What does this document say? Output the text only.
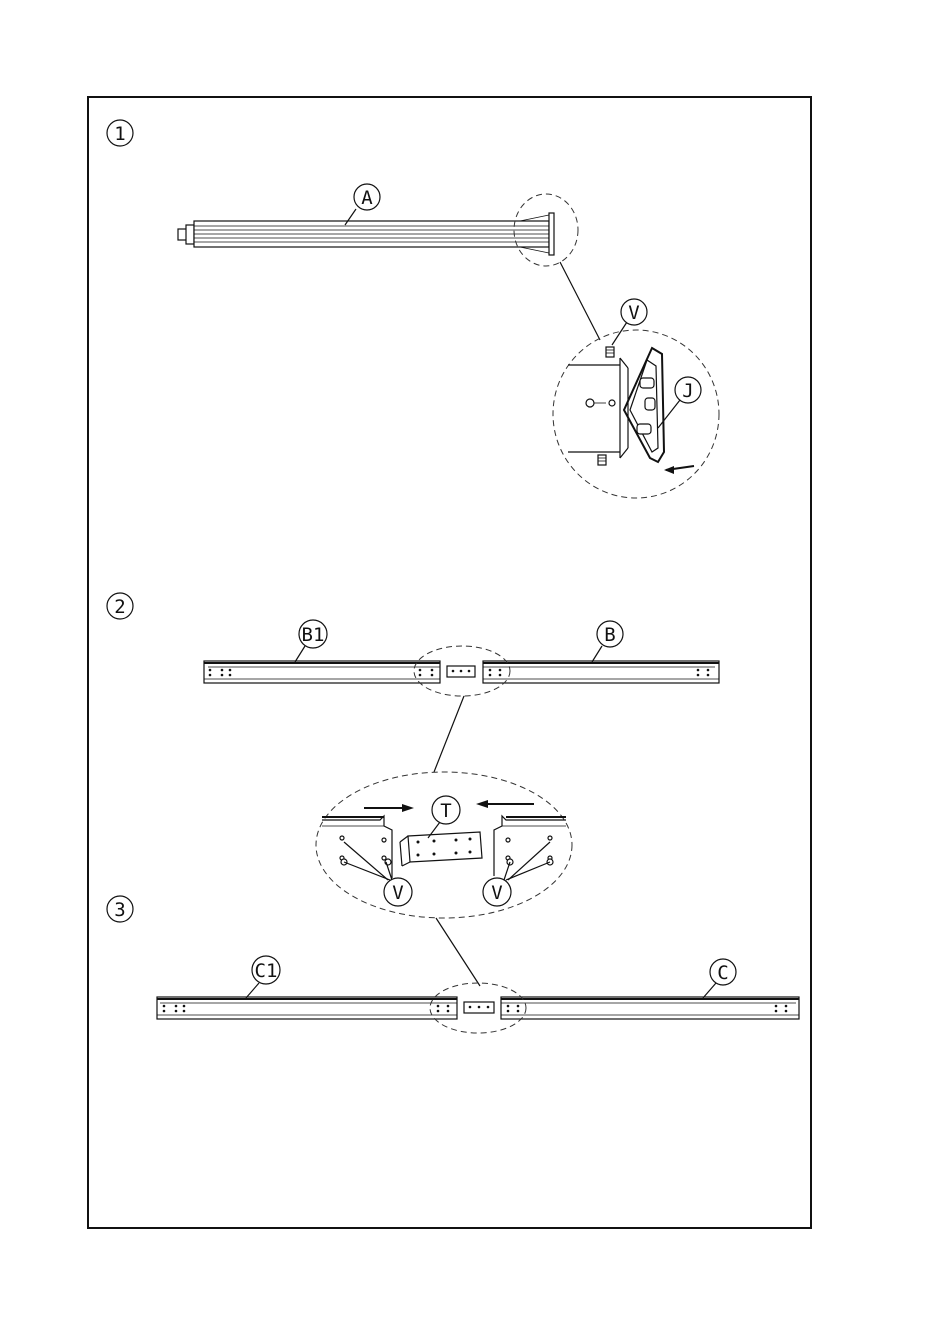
1
A
V
J
2
B1	B
T
V	V
3
C1	C
